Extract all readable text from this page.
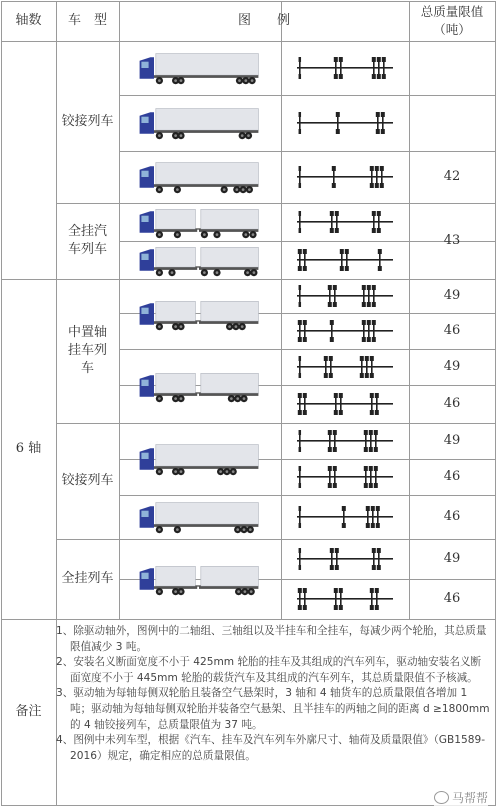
轴数	车　型	图　　例
总质量限值（吨）
6 轴
铰接列车
全挂汽车列车
中置轴挂车列车
铰接列车
全挂列车
42
43
49
46
49
46
49
46
46
49
46
备注
马帮帮

1、除驱动轴外，图例中的二轴组、三轴组以及半挂车和全挂车，每减少两个轮胎，其总质量限值减少 3 吨。

2、安装名义断面宽度不小于 425mm 轮胎的挂车及其组成的汽车列车，驱动轴安装名义断面宽度不小于 445mm 轮胎的载货汽车及其组成的汽车列车，其总质量限值不予核减。

3、驱动轴为每轴每侧双轮胎且装备空气悬架时，3 轴和 4 轴货车的总质量限值各增加 1 吨；驱动轴为每轴每侧双轮胎并装备空气悬架、且半挂车的两轴之间的距离 d ≥1800mm 的 4 轴铰接列车，总质量限值为 37 吨。

4、图例中未列车型，根据《汽车、挂车及汽车列车外廓尺寸、轴荷及质量限值》（GB1589-2016）规定，确定相应的总质量限值。
